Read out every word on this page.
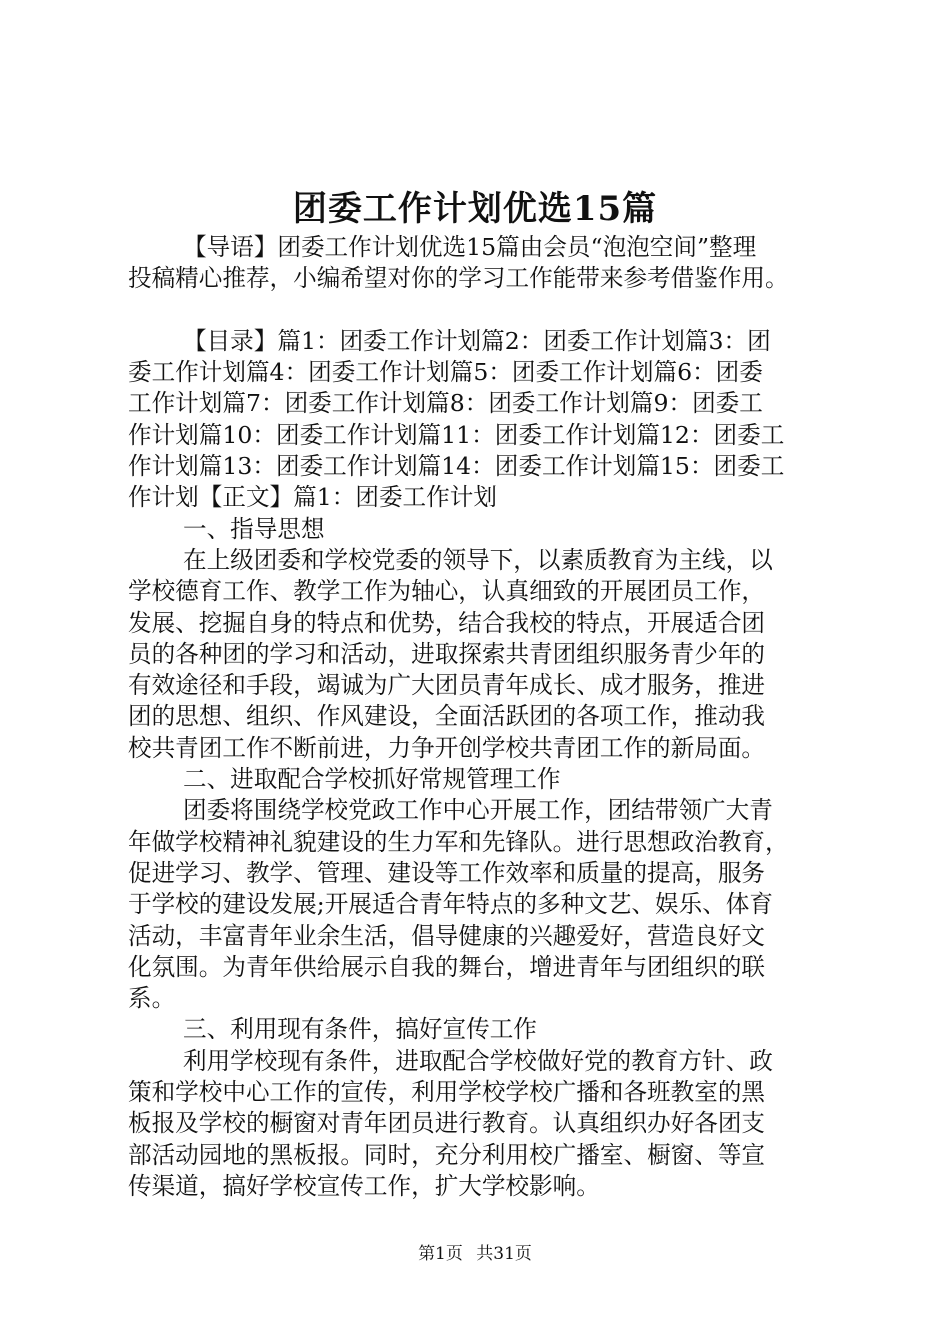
团委工作计划优选15篇
【导语】团委工作计划优选15篇由会员“泡泡空间”整理
投稿精心推荐，小编希望对你的学习工作能带来参考借鉴作用。
【目录】篇1：团委工作计划篇2：团委工作计划篇3：团
委工作计划篇4：团委工作计划篇5：团委工作计划篇6：团委
工作计划篇7：团委工作计划篇8：团委工作计划篇9：团委工
作计划篇10：团委工作计划篇11：团委工作计划篇12：团委工
作计划篇13：团委工作计划篇14：团委工作计划篇15：团委工
作计划【正文】篇1：团委工作计划
一、指导思想
在上级团委和学校党委的领导下，以素质教育为主线，以
学校德育工作、教学工作为轴心，认真细致的开展团员工作，
发展、挖掘自身的特点和优势，结合我校的特点，开展适合团
员的各种团的学习和活动，进取探索共青团组织服务青少年的
有效途径和手段，竭诚为广大团员青年成长、成才服务，推进
团的思想、组织、作风建设，全面活跃团的各项工作，推动我
校共青团工作不断前进，力争开创学校共青团工作的新局面。
二、进取配合学校抓好常规管理工作
团委将围绕学校党政工作中心开展工作，团结带领广大青
年做学校精神礼貌建设的生力军和先锋队。进行思想政治教育，
促进学习、教学、管理、建设等工作效率和质量的提高，服务
于学校的建设发展;开展适合青年特点的多种文艺、娱乐、体育
活动，丰富青年业余生活，倡导健康的兴趣爱好，营造良好文
化氛围。为青年供给展示自我的舞台，增进青年与团组织的联
系。
三、利用现有条件，搞好宣传工作
利用学校现有条件，进取配合学校做好党的教育方针、政
策和学校中心工作的宣传，利用学校学校广播和各班教室的黑
板报及学校的橱窗对青年团员进行教育。认真组织办好各团支
部活动园地的黑板报。同时，充分利用校广播室、橱窗、等宣
传渠道，搞好学校宣传工作，扩大学校影响。
第1页 共31页
